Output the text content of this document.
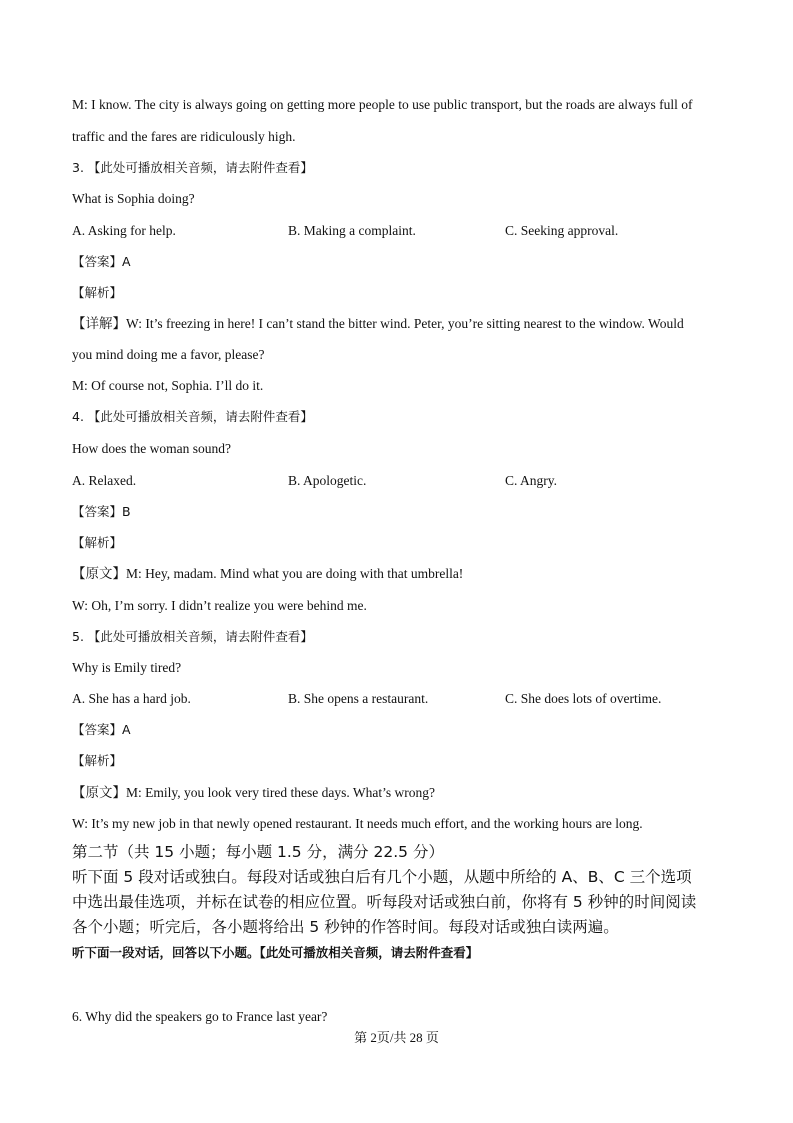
M: I know. The city is always going on getting more people to use public transport, but the roads are always full of
traffic and the fares are ridiculously high.
3. 【此处可播放相关音频，请去附件查看】
What is Sophia doing?
A. Asking for help.	B. Making a complaint.	C. Seeking approval.
【答案】A
【解析】
【详解】W: It’s freezing in here! I can’t stand the bitter wind. Peter, you’re sitting nearest to the window. Would
you mind doing me a favor, please?
M: Of course not, Sophia. I’ll do it.
4. 【此处可播放相关音频，请去附件查看】
How does the woman sound?
A. Relaxed.	B. Apologetic.	C. Angry.
【答案】B
【解析】
【原文】M: Hey, madam. Mind what you are doing with that umbrella!
W: Oh, I’m sorry. I didn’t realize you were behind me.
5. 【此处可播放相关音频，请去附件查看】
Why is Emily tired?
A. She has a hard job.	B. She opens a restaurant.	C. She does lots of overtime.
【答案】A
【解析】
【原文】M: Emily, you look very tired these days. What’s wrong?
W: It’s my new job in that newly opened restaurant. It needs much effort, and the working hours are long.
第二节（共 15 小题；每小题 1.5 分，满分 22.5 分）
听下面 5 段对话或独白。每段对话或独白后有几个小题，从题中所给的 A、B、C 三个选项
中选出最佳选项，并标在试卷的相应位置。听每段对话或独白前，你将有 5 秒钟的时间阅读
各个小题；听完后，各小题将给出 5 秒钟的作答时间。每段对话或独白读两遍。
听下面一段对话，回答以下小题。【此处可播放相关音频，请去附件查看】
6. Why did the speakers go to France last year?
第 2页/共 28 页
